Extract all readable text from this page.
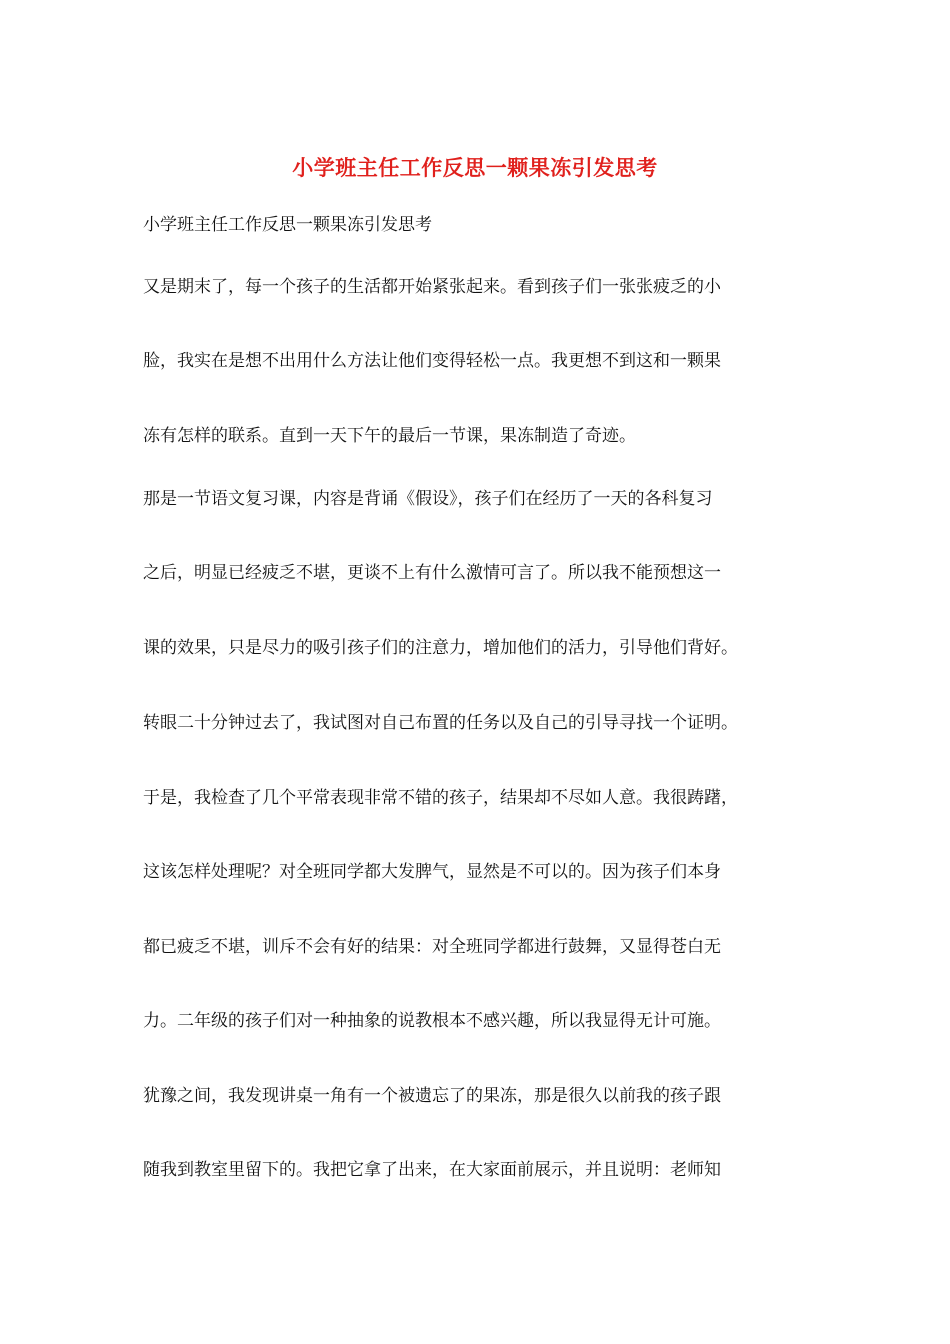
小学班主任工作反思一颗果冻引发思考
小学班主任工作反思一颗果冻引发思考
又是期末了，每一个孩子的生活都开始紧张起来。看到孩子们一张张疲乏的小
脸，我实在是想不出用什么方法让他们变得轻松一点。我更想不到这和一颗果
冻有怎样的联系。直到一天下午的最后一节课，果冻制造了奇迹。
那是一节语文复习课，内容是背诵《假设》，孩子们在经历了一天的各科复习
之后，明显已经疲乏不堪，更谈不上有什么激情可言了。所以我不能预想这一
课的效果，只是尽力的吸引孩子们的注意力，增加他们的活力，引导他们背好。
转眼二十分钟过去了，我试图对自己布置的任务以及自己的引导寻找一个证明。
于是，我检查了几个平常表现非常不错的孩子，结果却不尽如人意。我很踌躇，
这该怎样处理呢？对全班同学都大发脾气，显然是不可以的。因为孩子们本身
都已疲乏不堪，训斥不会有好的结果：对全班同学都进行鼓舞，又显得苍白无
力。二年级的孩子们对一种抽象的说教根本不感兴趣，所以我显得无计可施。
犹豫之间，我发现讲桌一角有一个被遗忘了的果冻，那是很久以前我的孩子跟
随我到教室里留下的。我把它拿了出来，在大家面前展示，并且说明：老师知
